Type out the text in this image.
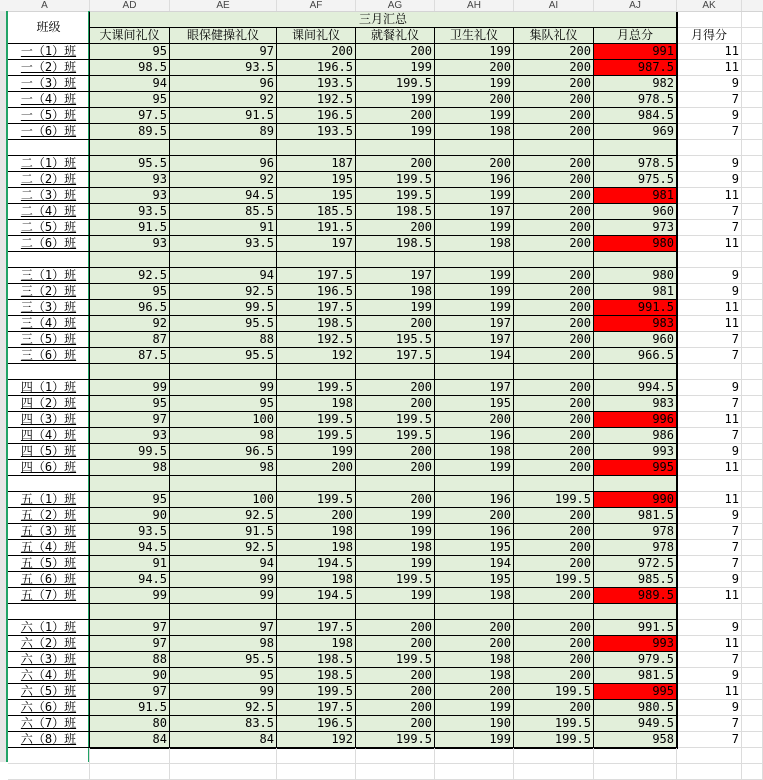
A	AD	AE	AF	AG	AH	AI	AJ	AK
班级
三月汇总
大课间礼仪	眼保健操礼仪	课间礼仪	就餐礼仪	卫生礼仪	集队礼仪	月总分	月得分
一（1）班	95	97	200	200	199	200	991	11
一（2）班	98.5	93.5	196.5	199	200	200	987.5	11
一（3）班	94	96	193.5	199.5	199	200	982	9
一（4）班	95	92	192.5	199	200	200	978.5	7
一（5）班	97.5	91.5	196.5	200	199	200	984.5	9
一（6）班	89.5	89	193.5	199	198	200	969	7
二（1）班	95.5	96	187	200	200	200	978.5	9
二（2）班	93	92	195	199.5	196	200	975.5	9
二（3）班	93	94.5	195	199.5	199	200	981	11
二（4）班	93.5	85.5	185.5	198.5	197	200	960	7
二（5）班	91.5	91	191.5	200	199	200	973	7
二（6）班	93	93.5	197	198.5	198	200	980	11
三（1）班	92.5	94	197.5	197	199	200	980	9
三（2）班	95	92.5	196.5	198	199	200	981	9
三（3）班	96.5	99.5	197.5	199	199	200	991.5	11
三（4）班	92	95.5	198.5	200	197	200	983	11
三（5）班	87	88	192.5	195.5	197	200	960	7
三（6）班	87.5	95.5	192	197.5	194	200	966.5	7
四（1）班	99	99	199.5	200	197	200	994.5	9
四（2）班	95	95	198	200	195	200	983	7
四（3）班	97	100	199.5	199.5	200	200	996	11
四（4）班	93	98	199.5	199.5	196	200	986	7
四（5）班	99.5	96.5	199	200	198	200	993	9
四（6）班	98	98	200	200	199	200	995	11
五（1）班	95	100	199.5	200	196	199.5	990	11
五（2）班	90	92.5	200	199	200	200	981.5	9
五（3）班	93.5	91.5	198	199	196	200	978	7
五（4）班	94.5	92.5	198	198	195	200	978	7
五（5）班	91	94	194.5	199	194	200	972.5	7
五（6）班	94.5	99	198	199.5	195	199.5	985.5	9
五（7）班	99	99	194.5	199	198	200	989.5	11
六（1）班	97	97	197.5	200	200	200	991.5	9
六（2）班	97	98	198	200	200	200	993	11
六（3）班	88	95.5	198.5	199.5	198	200	979.5	7
六（4）班	90	95	198.5	200	198	200	981.5	9
六（5）班	97	99	199.5	200	200	199.5	995	11
六（6）班	91.5	92.5	197.5	200	199	200	980.5	9
六（7）班	80	83.5	196.5	200	190	199.5	949.5	7
六（8）班	84	84	192	199.5	199	199.5	958	7
